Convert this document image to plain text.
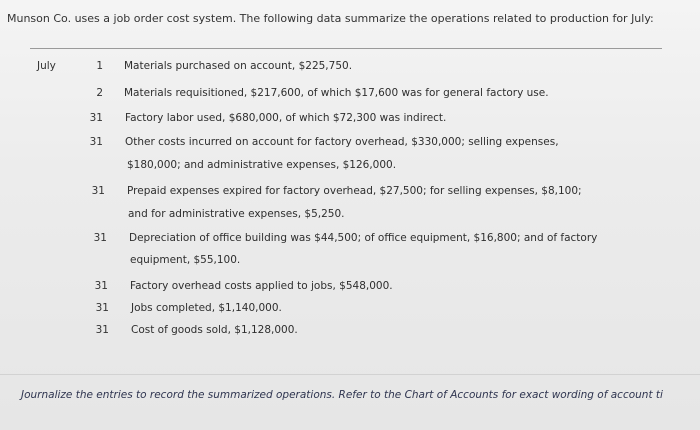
Munson Co. uses a job order cost system. The following data summarize the operations related to production for July:
July	1 Materials purchased on account, $225,750.
2 Materials requisitioned, $217,600, of which $17,600 was for general factory use.
31 Factory labor used, $680,000, of which $72,300 was indirect.
31 Other costs incurred on account for factory overhead, $330,000; selling expenses,
$180,000; and administrative expenses, $126,000.
31 Prepaid expenses expired for factory overhead, $27,500; for selling expenses, $8,100;
and for administrative expenses, $5,250.
31 Depreciation of office building was $44,500; of office equipment, $16,800; and of factory
equipment, $55,100.
31 Factory overhead costs applied to jobs, $548,000.
31 Jobs completed, $1,140,000.
31 Cost of goods sold, $1,128,000.
Journalize the entries to record the summarized operations. Refer to the Chart of Accounts for exact wording of account ti
